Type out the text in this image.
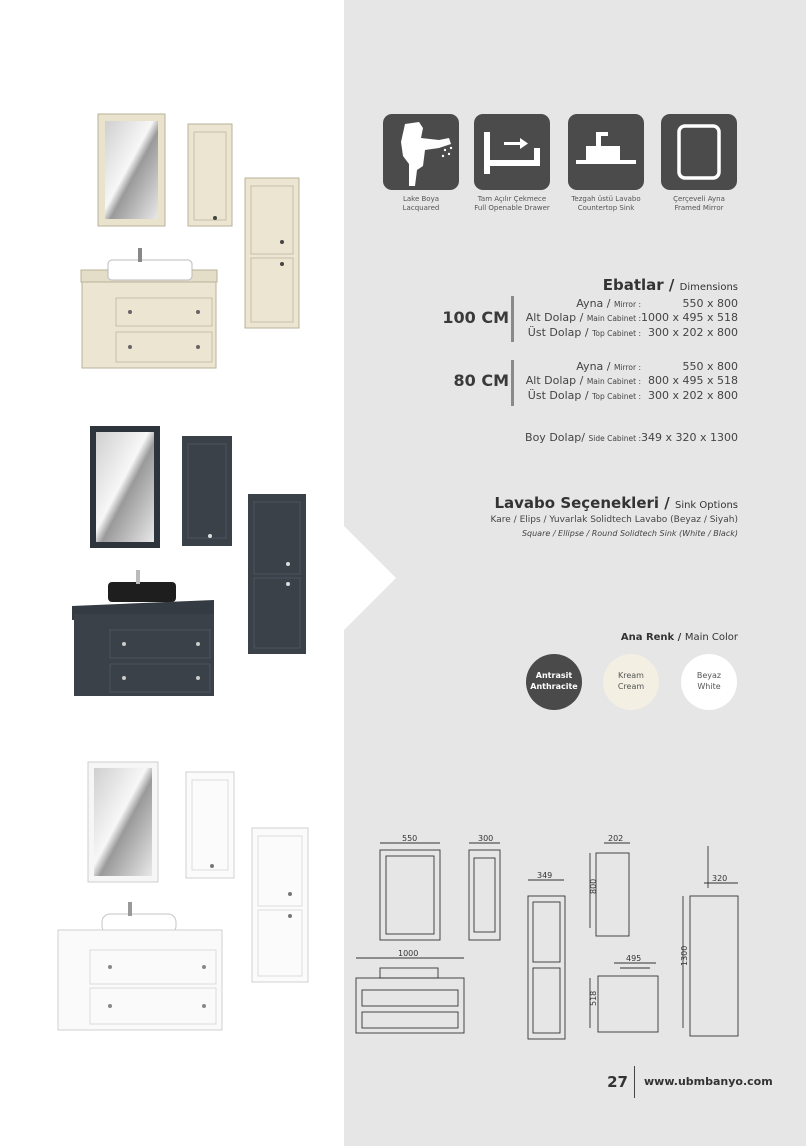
Lake Boya
Lacquared
Tam Açılır Çekmece
Full Openable Drawer
Tezgah üstü Lavabo
Countertop Sink
Çerçeveli Ayna
Framed Mirror
Ebatlar / Dimensions
100 CM
Ayna / Mirror :	550 x 800
Alt Dolap / Main Cabinet : 1000 x 495 x 518
Üst Dolap / Top Cabinet : 300 x 202 x 800
80 CM
Ayna / Mirror :	550 x 800
Alt Dolap / Main Cabinet : 800 x 495 x 518
Üst Dolap / Top Cabinet : 300 x 202 x 800
Boy Dolap/ Side Cabinet : 349 x 320 x 1300
Lavabo Seçenekleri / Sink Options
Kare / Elips / Yuvarlak Solidtech Lavabo (Beyaz / Siyah)
Square / Ellipse / Round Solidtech Sink (White / Black)
Ana Renk / Main Color
Antrasit
Anthracite
Kream
Cream
Beyaz
White
550	300	202
800
349	320
1300
1000
495
518
27 www.ubmbanyo.com
